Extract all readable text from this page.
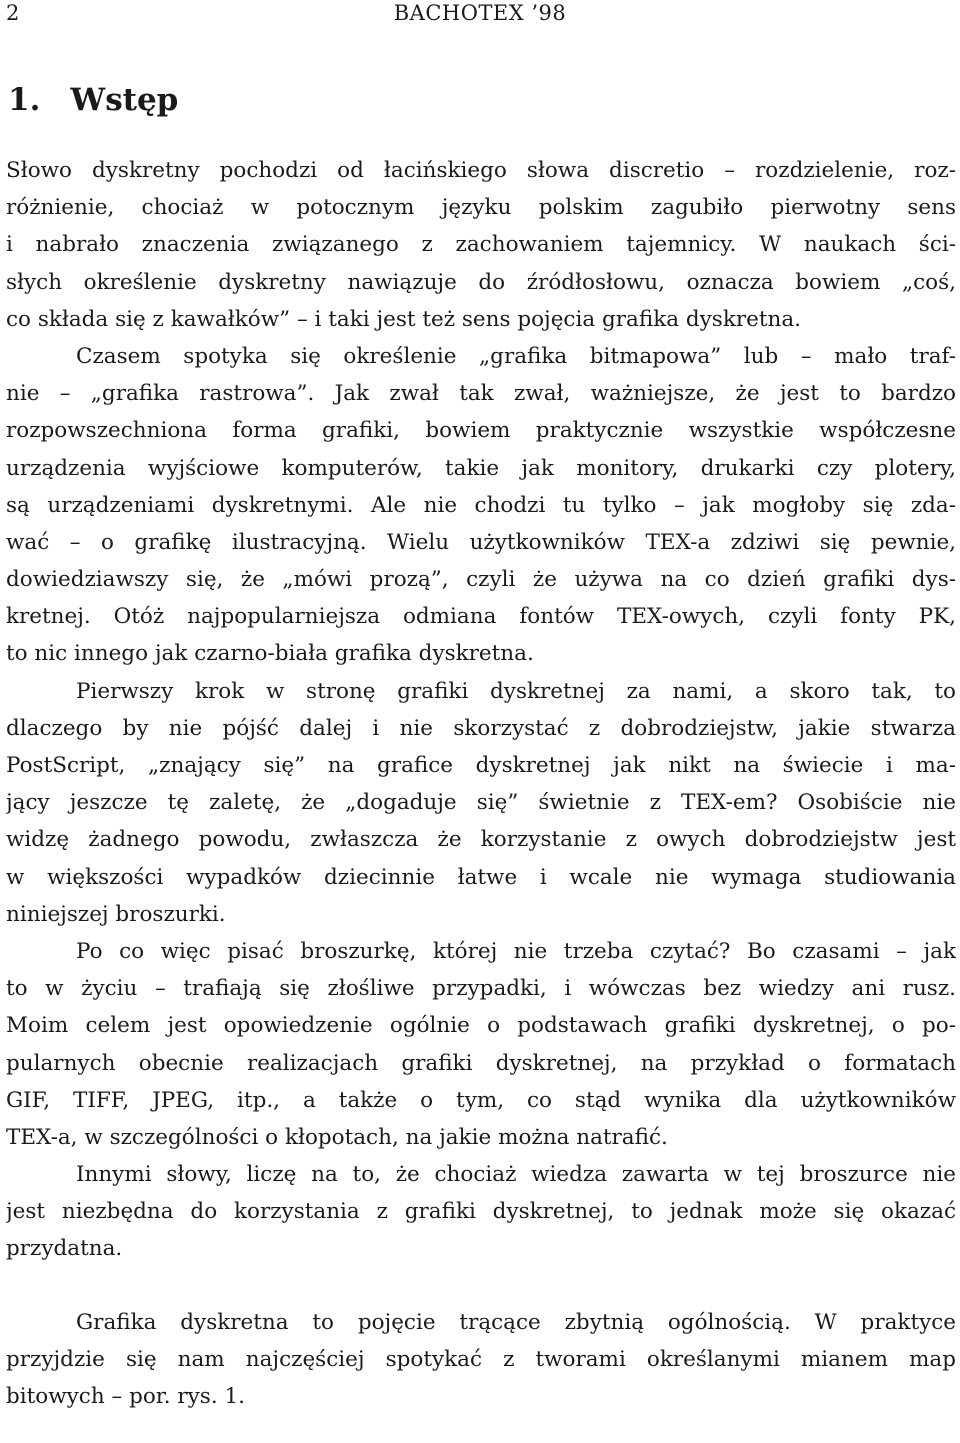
2	BACHOTEX ’98
1. Wstęp
Słowo dyskretny pochodzi od łacińskiego słowa discretio – rozdzielenie, roz-
różnienie, chociaż w potocznym języku polskim zagubiło pierwotny sens
i nabrało znaczenia związanego z zachowaniem tajemnicy. W naukach ści-
słych określenie dyskretny nawiązuje do źródłosłowu, oznacza bowiem „coś,
co składa się z kawałków” – i taki jest też sens pojęcia grafika dyskretna.
Czasem spotyka się określenie „grafika bitmapowa” lub – mało traf-
nie – „grafika rastrowa”. Jak zwał tak zwał, ważniejsze, że jest to bardzo
rozpowszechniona forma grafiki, bowiem praktycznie wszystkie współczesne
urządzenia wyjściowe komputerów, takie jak monitory, drukarki czy plotery,
są urządzeniami dyskretnymi. Ale nie chodzi tu tylko – jak mogłoby się zda-
wać – o grafikę ilustracyjną. Wielu użytkowników TEX-a zdziwi się pewnie,
dowiedziawszy się, że „mówi prozą”, czyli że używa na co dzień grafiki dys-
kretnej. Otóż najpopularniejsza odmiana fontów TEX-owych, czyli fonty PK,
to nic innego jak czarno-biała grafika dyskretna.
Pierwszy krok w stronę grafiki dyskretnej za nami, a skoro tak, to
dlaczego by nie pójść dalej i nie skorzystać z dobrodziejstw, jakie stwarza
PostScript, „znający się” na grafice dyskretnej jak nikt na świecie i ma-
jący jeszcze tę zaletę, że „dogaduje się” świetnie z TEX-em? Osobiście nie
widzę żadnego powodu, zwłaszcza że korzystanie z owych dobrodziejstw jest
w większości wypadków dziecinnie łatwe i wcale nie wymaga studiowania
niniejszej broszurki.
Po co więc pisać broszurkę, której nie trzeba czytać? Bo czasami – jak
to w życiu – trafiają się złośliwe przypadki, i wówczas bez wiedzy ani rusz.
Moim celem jest opowiedzenie ogólnie o podstawach grafiki dyskretnej, o po-
pularnych obecnie realizacjach grafiki dyskretnej, na przykład o formatach
GIF, TIFF, JPEG, itp., a także o tym, co stąd wynika dla użytkowników
TEX-a, w szczególności o kłopotach, na jakie można natrafić.
Innymi słowy, liczę na to, że chociaż wiedza zawarta w tej broszurce nie
jest niezbędna do korzystania z grafiki dyskretnej, to jednak może się okazać
przydatna.
Grafika dyskretna to pojęcie trącące zbytnią ogólnością. W praktyce
przyjdzie się nam najczęściej spotykać z tworami określanymi mianem map
bitowych – por. rys. 1.
